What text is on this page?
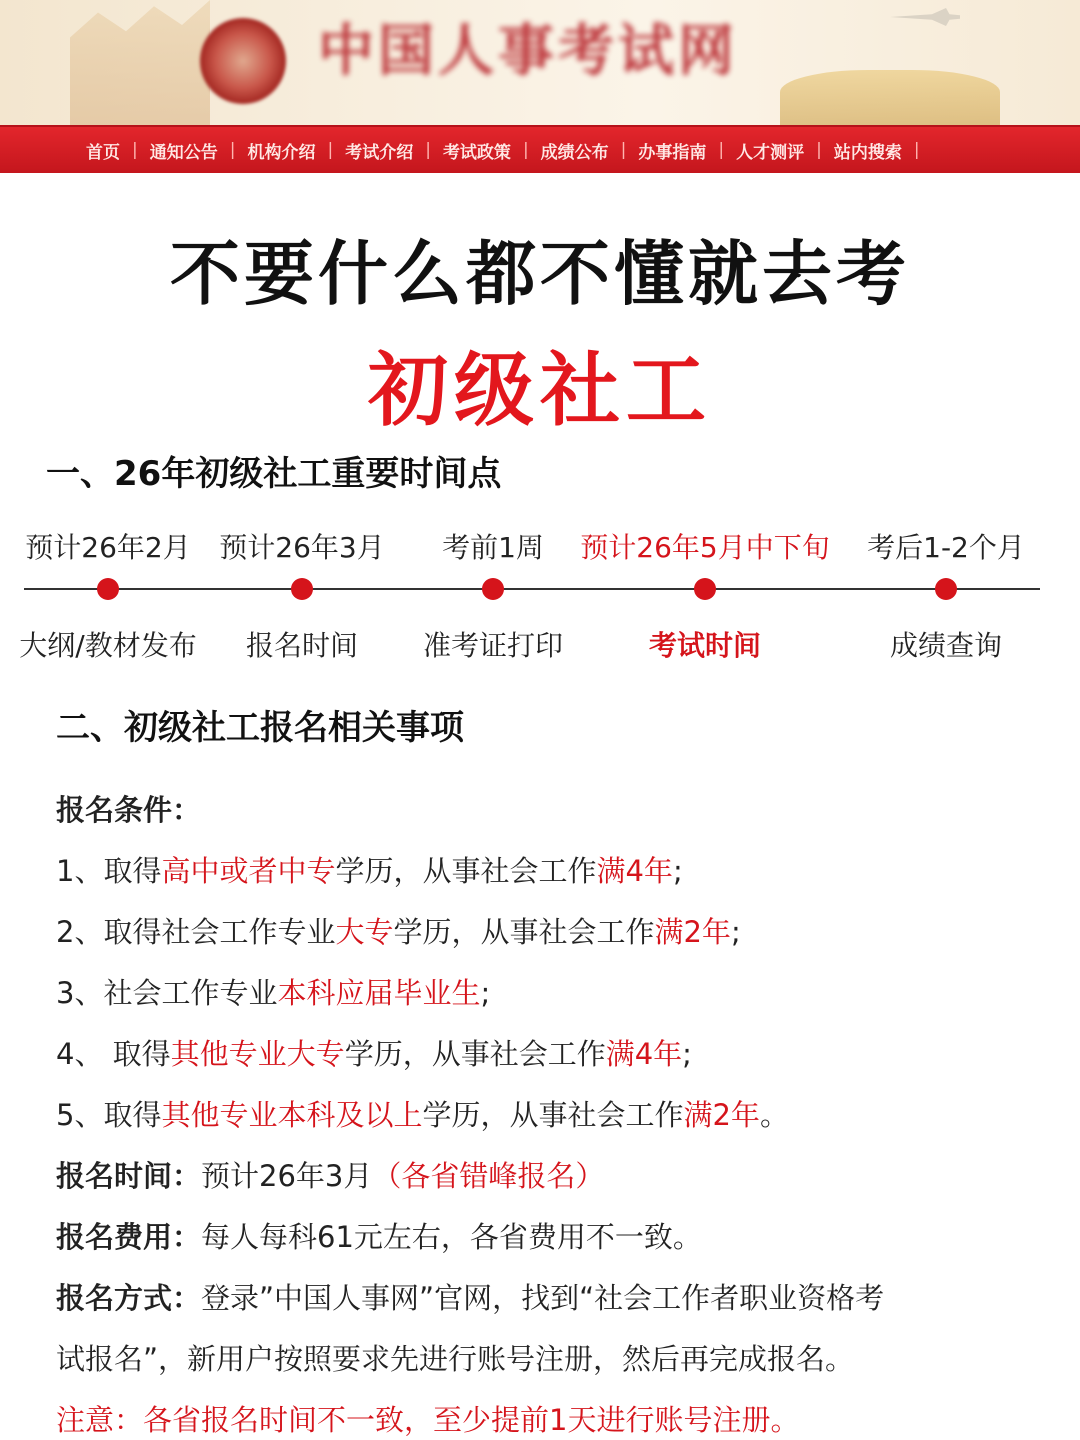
中国人事考试网
首页 | 通知公告 | 机构介绍 | 考试介绍 | 考试政策 | 成绩公布 | 办事指南 | 人才测评 | 站内搜索 |
不要什么都不懂就去考
初级社工
一、26年初级社工重要时间点
预计26年2月
大纲/教材发布
预计26年3月
报名时间
考前1周
准考证打印
预计26年5月中下旬
考试时间
考后1-2个月
成绩查询
二、初级社工报名相关事项
报名条件：
1、取得高中或者中专学历，从事社会工作满4年;
2、取得社会工作专业大专学历，从事社会工作满2年;
3、社会工作专业本科应届毕业生;
4、 取得其他专业大专学历，从事社会工作满4年;
5、取得其他专业本科及以上学历，从事社会工作满2年。
报名时间：预计26年3月（各省错峰报名）
报名费用：每人每科61元左右，各省费用不一致。
报名方式：登录”中国人事网”官网，找到“社会工作者职业资格考
试报名”，新用户按照要求先进行账号注册，然后再完成报名。
注意：各省报名时间不一致，至少提前1天进行账号注册。
